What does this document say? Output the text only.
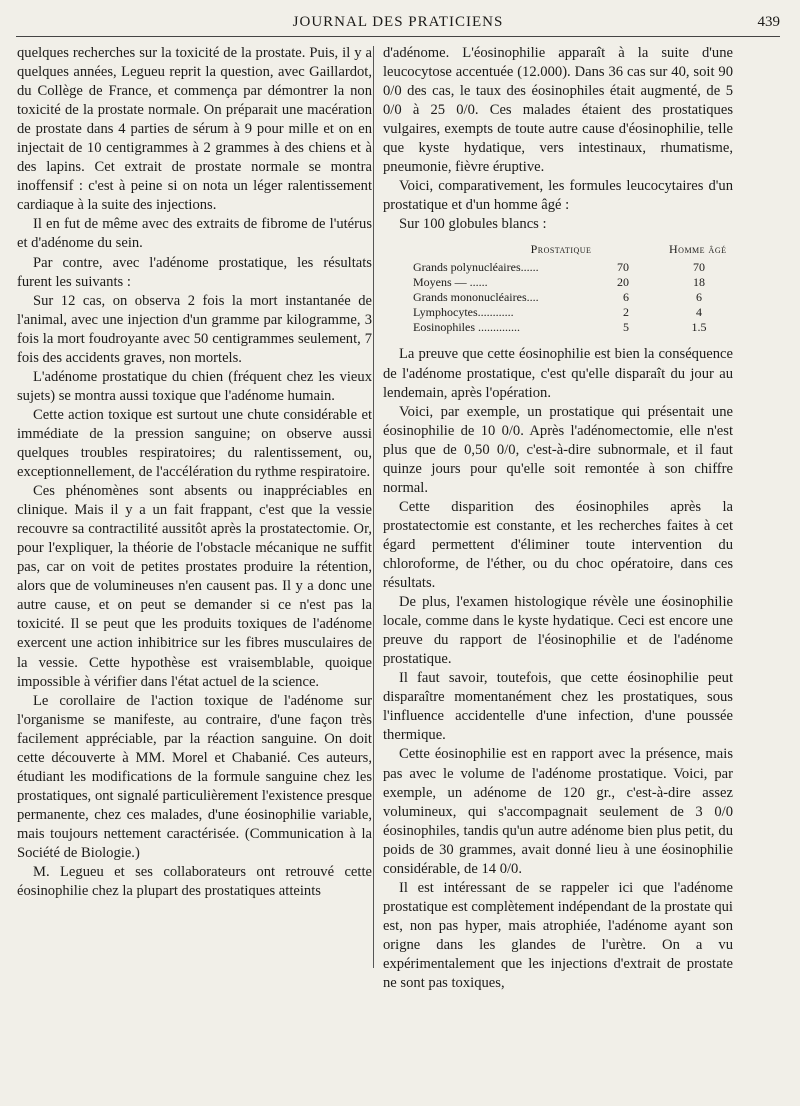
JOURNAL DES PRATICIENS	439

quelques recherches sur la toxicité de la prostate. Puis, il y a quelques années, Legueu reprit la question, avec Gaillardot, du Collège de France, et commença par démontrer la non toxicité de la prostate normale. On préparait une macération de prostate dans 4 parties de sérum à 9 pour mille et on en injectait de 10 centigrammes à 2 grammes à des chiens et à des lapins. Cet extrait de prostate normale se montra inoffensif : c'est à peine si on nota un léger ralentissement cardiaque à la suite des injections.

Il en fut de même avec des extraits de fibrome de l'utérus et d'adénome du sein.

Par contre, avec l'adénome prostatique, les résultats furent les suivants :

Sur 12 cas, on observa 2 fois la mort instantanée de l'animal, avec une injection d'un gramme par kilogramme, 3 fois la mort foudroyante avec 50 centigrammes seulement, 7 fois des accidents graves, non mortels.

L'adénome prostatique du chien (fréquent chez les vieux sujets) se montra aussi toxique que l'adénome humain.

Cette action toxique est surtout une chute considérable et immédiate de la pression sanguine; on observe aussi quelques troubles respiratoires; du ralentissement, ou, exceptionnellement, de l'accélération du rythme respiratoire.

Ces phénomènes sont absents ou inappréciables en clinique. Mais il y a un fait frappant, c'est que la vessie recouvre sa contractilité aussitôt après la prostatectomie. Or, pour l'expliquer, la théorie de l'obstacle mécanique ne suffit pas, car on voit de petites prostates produire la rétention, alors que de volumineuses n'en causent pas. Il y a donc une autre cause, et on peut se demander si ce n'est pas la toxicité. Il se peut que les produits toxiques de l'adénome exercent une action inhibitrice sur les fibres musculaires de la vessie. Cette hypothèse est vraisemblable, quoique impossible à vérifier dans l'état actuel de la science.

Le corollaire de l'action toxique de l'adénome sur l'organisme se manifeste, au contraire, d'une façon très facilement appréciable, par la réaction sanguine. On doit cette découverte à MM. Morel et Chabanié. Ces auteurs, étudiant les modifications de la formule sanguine chez les prostatiques, ont signalé particulièrement l'existence presque permanente, chez ces malades, d'une éosinophilie variable, mais toujours nettement caractérisée. (Communication à la Société de Biologie.)

M. Legueu et ses collaborateurs ont retrouvé cette éosinophilie chez la plupart des prostatiques atteints

d'adénome. L'éosinophilie apparaît à la suite d'une leucocytose accentuée (12.000). Dans 36 cas sur 40, soit 90 0/0 des cas, le taux des éosinophiles était augmenté, de 5 0/0 à 25 0/0. Ces malades étaient des prostatiques vulgaires, exempts de toute autre cause d'éosinophilie, telle que kyste hydatique, vers intestinaux, rhumatisme, pneumonie, fièvre éruptive.

Voici, comparativement, les formules leucocytaires d'un prostatique et d'un homme âgé :

Sur 100 globules blancs :

Prostatique		Homme âgé
Grands polynucléaires......	70	70
Moyens — ......	20	18
Grands mononucléaires....	6	6
Lymphocytes............	2	4
Eosinophiles ..............	5	1.5

La preuve que cette éosinophilie est bien la conséquence de l'adénome prostatique, c'est qu'elle disparaît du jour au lendemain, après l'opération.

Voici, par exemple, un prostatique qui présentait une éosinophilie de 10 0/0. Après l'adénomectomie, elle n'est plus que de 0,50 0/0, c'est-à-dire subnormale, et il faut quinze jours pour qu'elle soit remontée à son chiffre normal.

Cette disparition des éosinophiles après la prostatectomie est constante, et les recherches faites à cet égard permettent d'éliminer toute intervention du chloroforme, de l'éther, ou du choc opératoire, dans ces résultats.

De plus, l'examen histologique révèle une éosinophilie locale, comme dans le kyste hydatique. Ceci est encore une preuve du rapport de l'éosinophilie et de l'adénome prostatique.

Il faut savoir, toutefois, que cette éosinophilie peut disparaître momentanément chez les prostatiques, sous l'influence accidentelle d'une infection, d'une poussée thermique.

Cette éosinophilie est en rapport avec la présence, mais pas avec le volume de l'adénome prostatique. Voici, par exemple, un adénome de 120 gr., c'est-à-dire assez volumineux, qui s'accompagnait seulement de 3 0/0 éosinophiles, tandis qu'un autre adénome bien plus petit, du poids de 30 grammes, avait donné lieu à une éosinophilie considérable, de 14 0/0.

Il est intéressant de se rappeler ici que l'adénome prostatique est complètement indépendant de la prostate qui est, non pas hyper, mais atrophiée, l'adénome ayant son origne dans les glandes de l'urètre. On a vu expérimentalement que les injections d'extrait de prostate ne sont pas toxiques,
